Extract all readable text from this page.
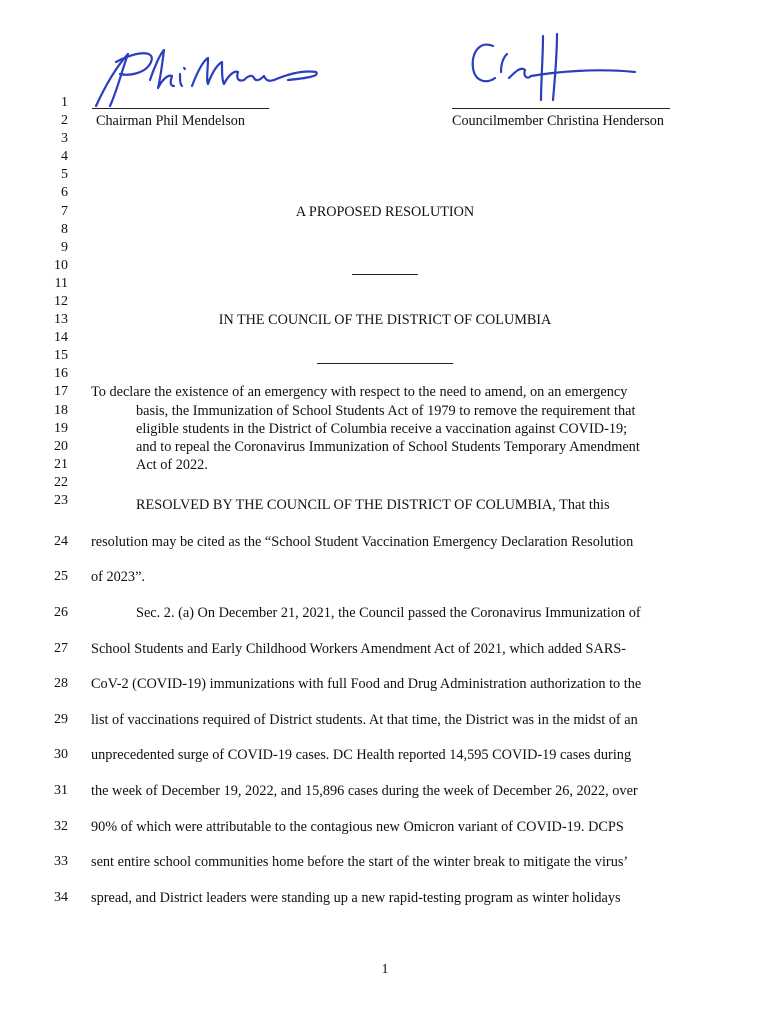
Chairman Phil Mendelson	Councilmember Christina Henderson
1
2
3
4
5
6
7
8
9
10
11
12
13
14
15
16
17
18
19
20
21
22
23
24
25
26
27
28
29
30
31
32
33
34
A PROPOSED RESOLUTION
IN THE COUNCIL OF THE DISTRICT OF COLUMBIA
To declare the existence of an emergency with respect to the need to amend, on an emergency
basis, the Immunization of School Students Act of 1979 to remove the requirement that
eligible students in the District of Columbia receive a vaccination against COVID-19;
and to repeal the Coronavirus Immunization of School Students Temporary Amendment
Act of 2022.
RESOLVED BY THE COUNCIL OF THE DISTRICT OF COLUMBIA, That this
resolution may be cited as the “School Student Vaccination Emergency Declaration Resolution
of 2023”.
Sec. 2. (a) On December 21, 2021, the Council passed the Coronavirus Immunization of
School Students and Early Childhood Workers Amendment Act of 2021, which added SARS-
CoV-2 (COVID-19) immunizations with full Food and Drug Administration authorization to the
list of vaccinations required of District students. At that time, the District was in the midst of an
unprecedented surge of COVID-19 cases. DC Health reported 14,595 COVID-19 cases during
the week of December 19, 2022, and 15,896 cases during the week of December 26, 2022, over
90% of which were attributable to the contagious new Omicron variant of COVID-19. DCPS
sent entire school communities home before the start of the winter break to mitigate the virus’
spread, and District leaders were standing up a new rapid-testing program as winter holidays
1
